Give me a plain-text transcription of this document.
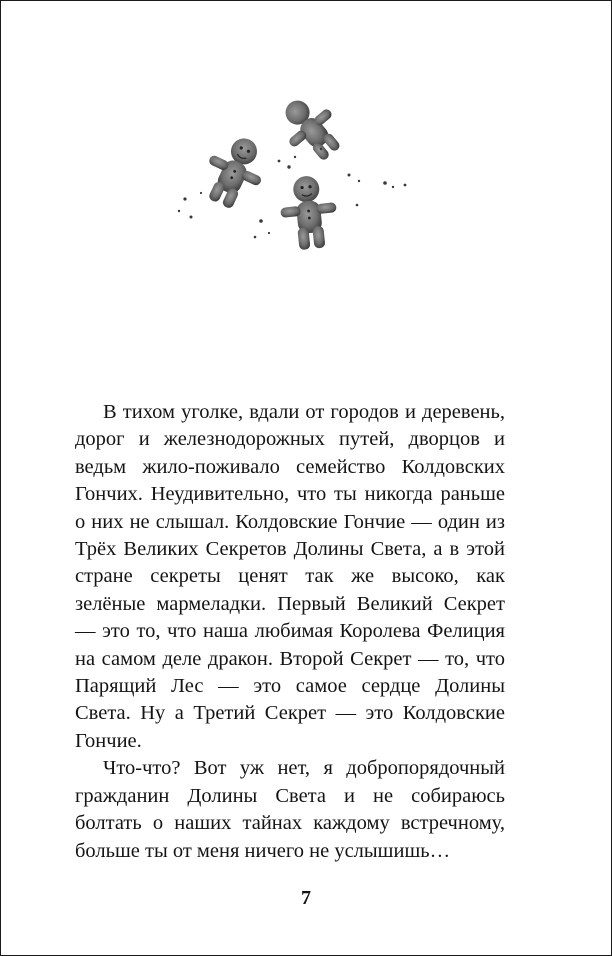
В тихом уголке, вдали от городов и деревень, дорог и железнодорожных путей, дворцов и ведьм жило-поживало семейство Колдовских Гончих. Неудивительно, что ты никогда раньше о них не слышал. Колдовские Гончие — один из Трёх Великих Секретов Долины Света, а в этой стране секреты ценят так же высоко, как зелёные мармеладки. Первый Великий Секрет — это то, что наша любимая Королева Фелиция на самом деле дракон. Второй Секрет — то, что Парящий Лес — это самое сердце Долины Света. Ну а Третий Секрет — это Колдовские Гончие.

Что-что? Вот уж нет, я добропорядочный гражданин Долины Света и не собираюсь болтать о наших тайнах каждому встречному, больше ты от меня ничего не услышишь…

7
